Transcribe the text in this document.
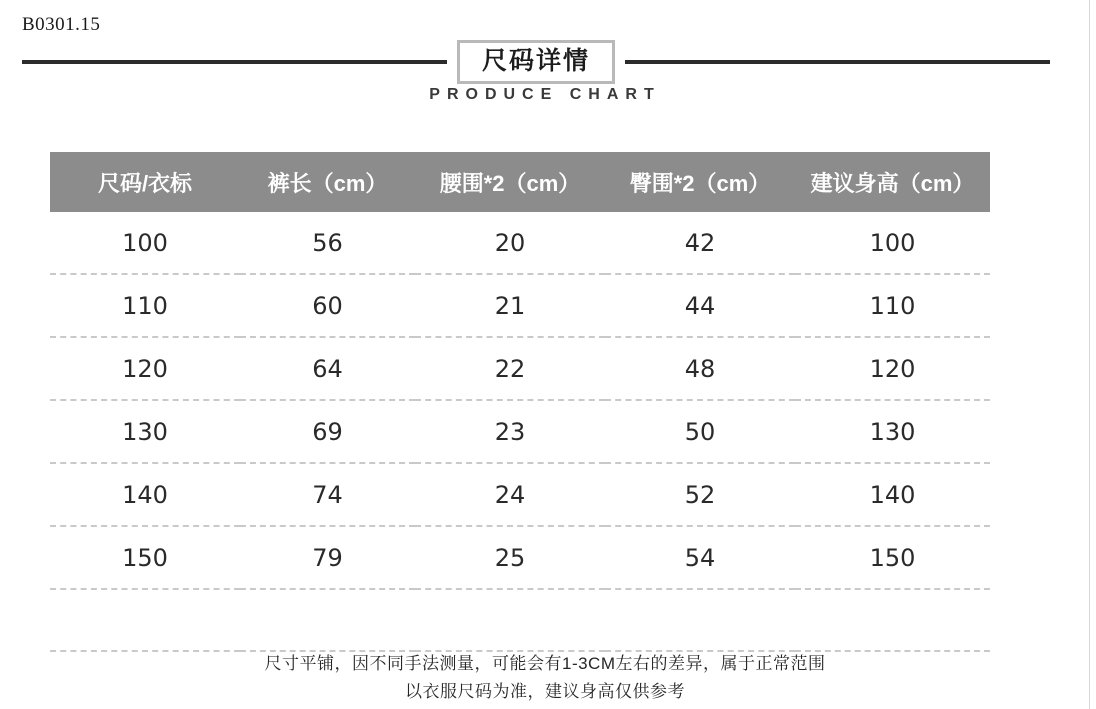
B0301.15
尺码详情
PRODUCE CHART
尺码/衣标	裤长（cm）	腰围*2（cm）	臀围*2（cm）	建议身高（cm）
100	56	20	42	100
110	60	21	44	110
120	64	22	48	120
130	69	23	50	130
140	74	24	52	140
150	79	25	54	150

尺寸平铺，因不同手法测量，可能会有1-3CM左右的差异，属于正常范围
以衣服尺码为准，建议身高仅供参考
